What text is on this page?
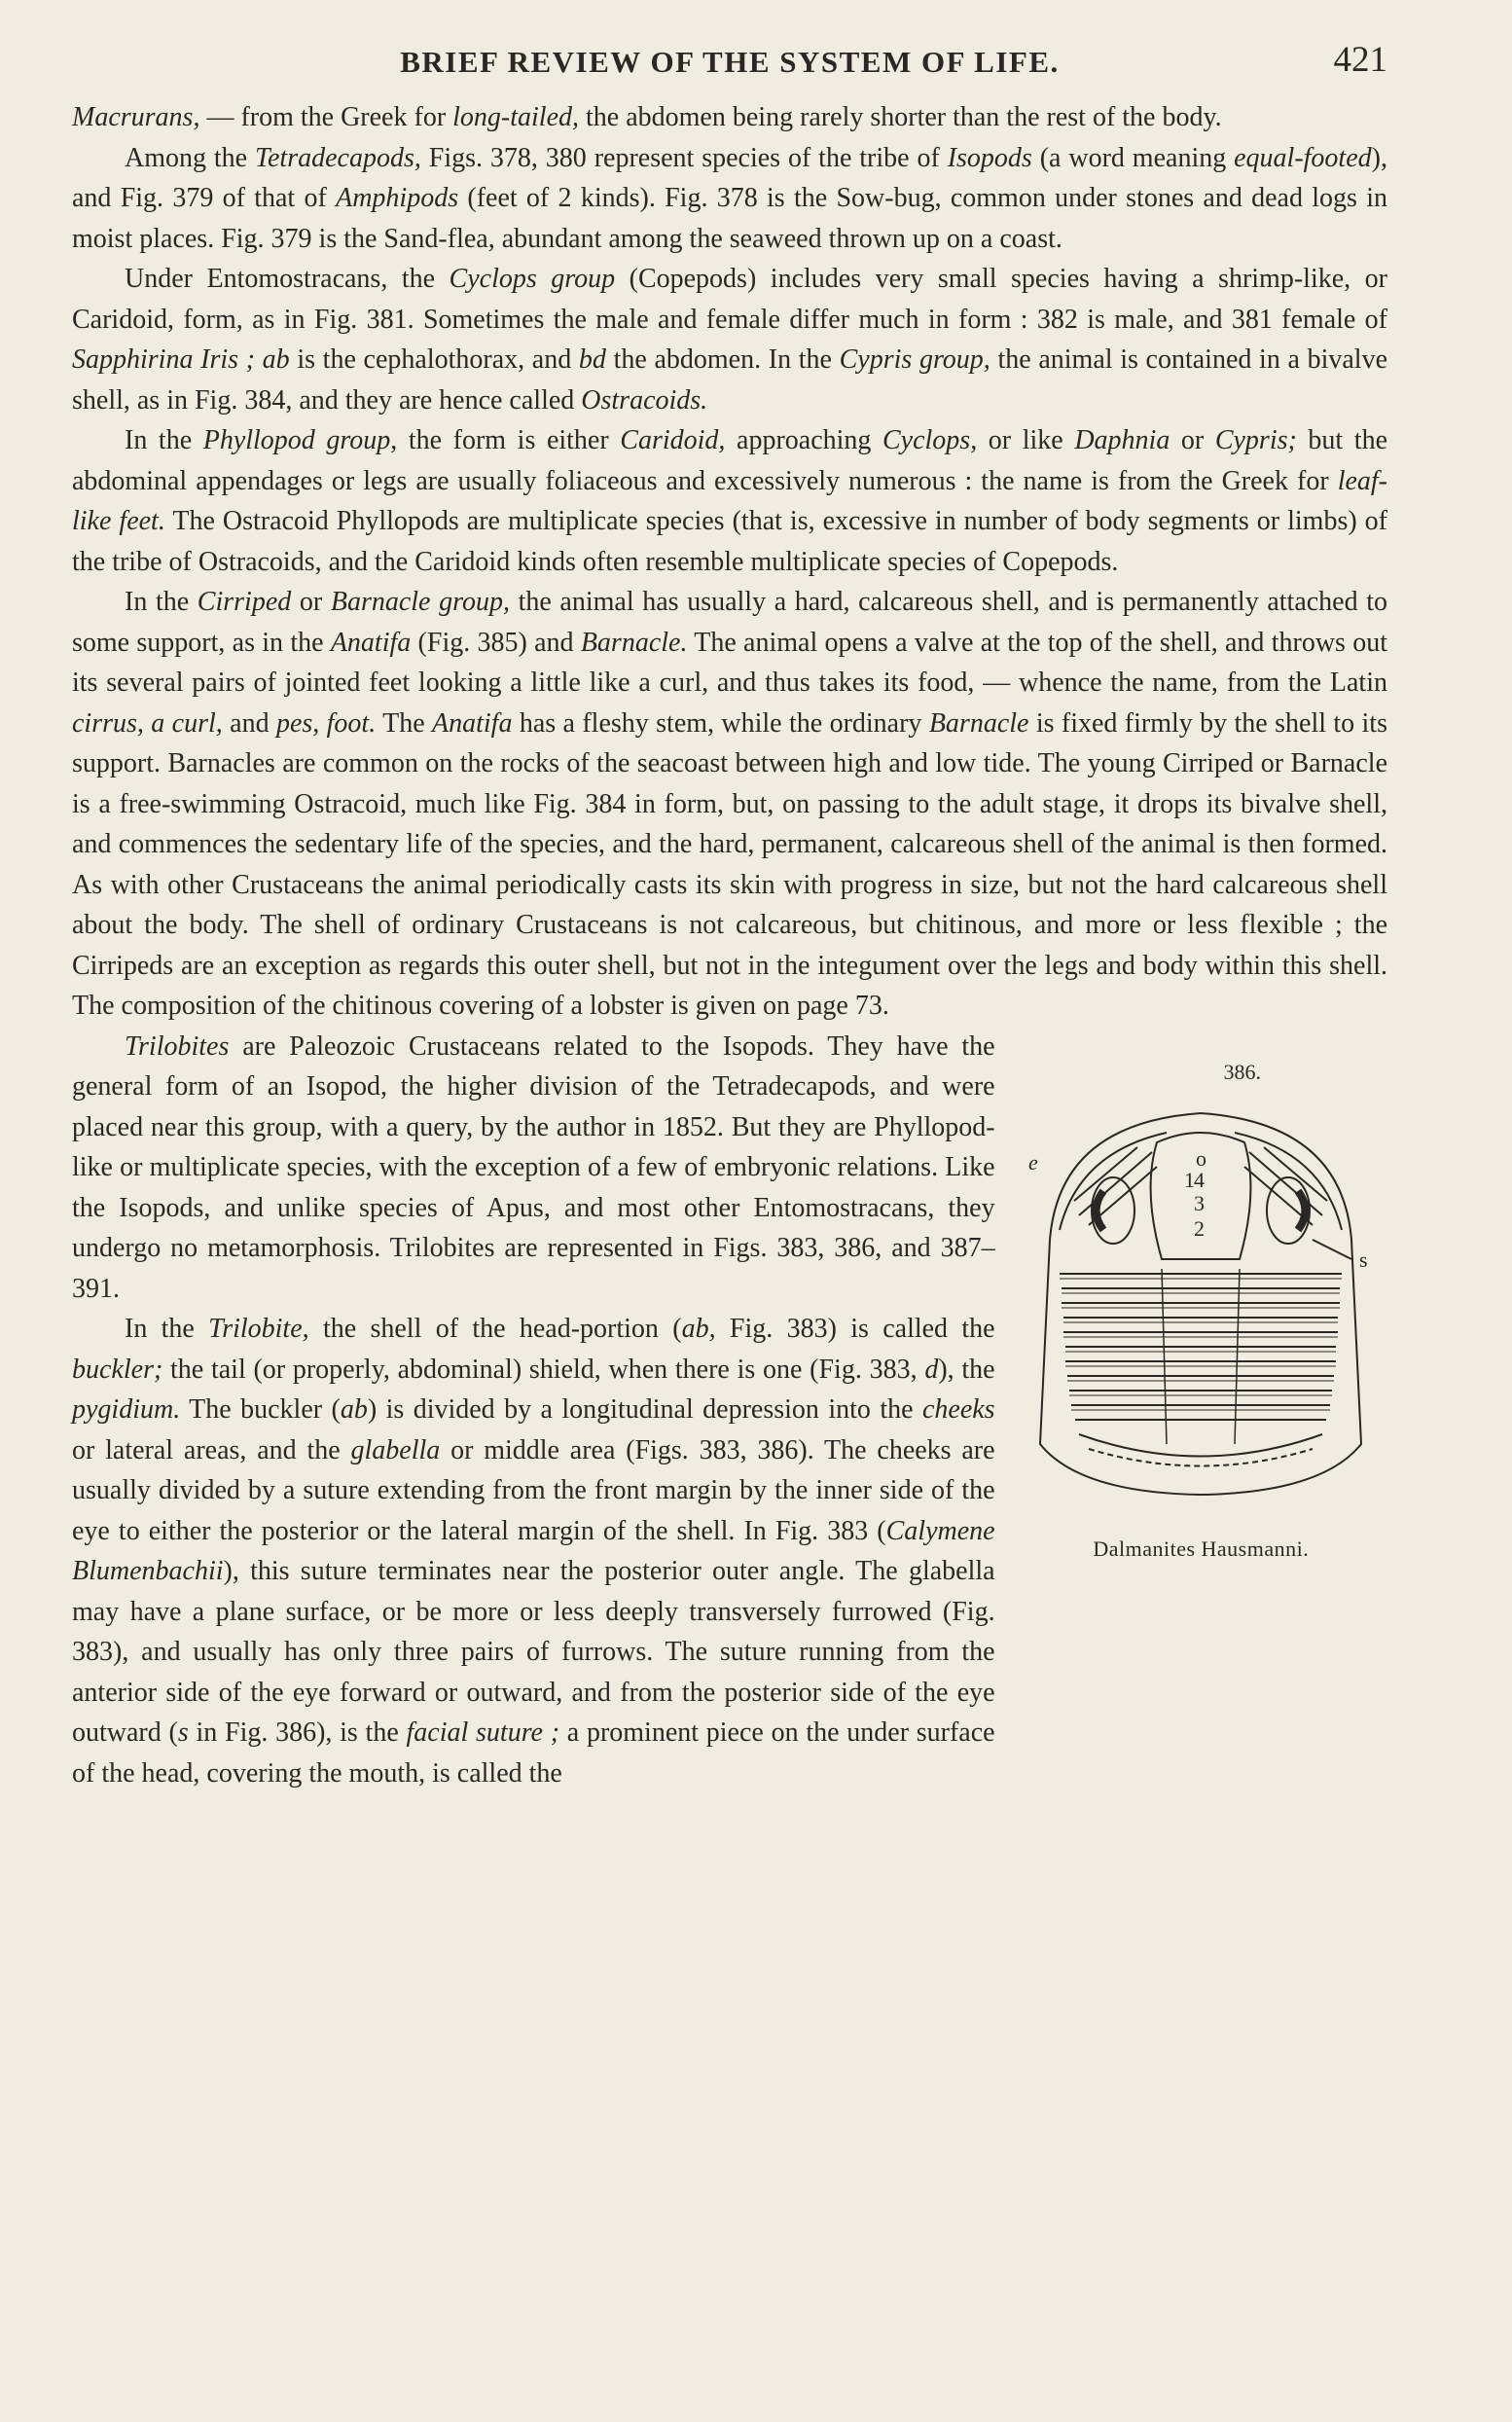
BRIEF REVIEW OF THE SYSTEM OF LIFE.	421

Macrurans, — from the Greek for long-tailed, the abdomen being rarely shorter than the rest of the body.

Among the Tetradecapods, Figs. 378, 380 represent species of the tribe of Isopods (a word meaning equal-footed), and Fig. 379 of that of Amphipods (feet of 2 kinds). Fig. 378 is the Sow-bug, common under stones and dead logs in moist places. Fig. 379 is the Sand-flea, abundant among the seaweed thrown up on a coast.

Under Entomostracans, the Cyclops group (Copepods) includes very small species having a shrimp-like, or Caridoid, form, as in Fig. 381. Sometimes the male and female differ much in form : 382 is male, and 381 female of Sapphirina Iris ; ab is the cephalothorax, and bd the abdomen. In the Cypris group, the animal is contained in a bivalve shell, as in Fig. 384, and they are hence called Ostracoids.

In the Phyllopod group, the form is either Caridoid, approaching Cyclops, or like Daphnia or Cypris; but the abdominal appendages or legs are usually foliaceous and excessively numerous : the name is from the Greek for leaf-like feet. The Ostracoid Phyllopods are multiplicate species (that is, excessive in number of body segments or limbs) of the tribe of Ostracoids, and the Caridoid kinds often resemble multiplicate species of Copepods.

In the Cirriped or Barnacle group, the animal has usually a hard, calcareous shell, and is permanently attached to some support, as in the Anatifa (Fig. 385) and Barnacle. The animal opens a valve at the top of the shell, and throws out its several pairs of jointed feet looking a little like a curl, and thus takes its food, — whence the name, from the Latin cirrus, a curl, and pes, foot. The Anatifa has a fleshy stem, while the ordinary Barnacle is fixed firmly by the shell to its support. Barnacles are common on the rocks of the seacoast between high and low tide. The young Cirriped or Barnacle is a free-swimming Ostracoid, much like Fig. 384 in form, but, on passing to the adult stage, it drops its bivalve shell, and commences the sedentary life of the species, and the hard, permanent, calcareous shell of the animal is then formed. As with other Crustaceans the animal periodically casts its skin with progress in size, but not the hard calcareous shell about the body. The shell of ordinary Crustaceans is not calcareous, but chitinous, and more or less flexible ; the Cirripeds are an exception as regards this outer shell, but not in the integument over the legs and body within this shell. The composition of the chitinous covering of a lobster is given on page 73.

Trilobites are Paleozoic Crustaceans related to the Isopods. They have the general form of an Isopod, the higher division of the Tetradecapods, and were placed near this group, with a query, by the author in 1852. But they are Phyllopod-like or multiplicate species, with the exception of a few of embryonic relations. Like the Isopods, and unlike species of Apus, and most other Entomostracans, they undergo no metamorphosis. Trilobites are represented in Figs. 383, 386, and 387–391.

In the Trilobite, the shell of the head-portion (ab, Fig. 383) is called the buckler; the tail (or properly, abdominal) shield, when there is one (Fig. 383, d), the pygidium. The buckler (ab) is divided by a longitudinal depression into the cheeks or lateral areas, and the glabella or middle area (Figs. 383, 386). The cheeks are usually divided by a suture extending from the front margin by the inner side of the eye to either the posterior or the lateral margin of the shell. In Fig. 383 (Calymene Blumenbachii), this suture terminates near the posterior outer angle. The glabella may have a plane surface, or be more or less deeply transversely furrowed (Fig. 383), and usually has only three pairs of furrows. The suture running from the anterior side of the eye forward or outward, and from the posterior side of the eye outward (s in Fig. 386), is the facial suture ; a prominent piece on the under surface of the head, covering the mouth, is called the

386.
e
s
4
3
2
o
1
Dalmanites Hausmanni.
